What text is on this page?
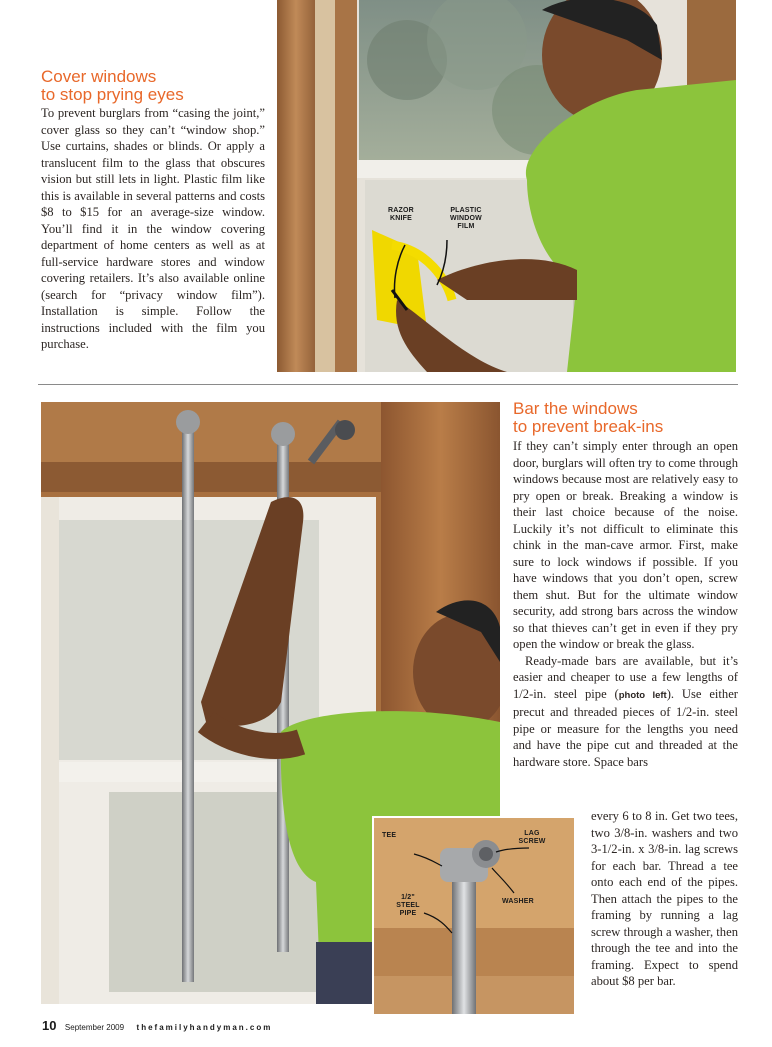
Cover windows
to stop prying eyes
To prevent burglars from “casing the joint,” cover glass so they can’t “window shop.” Use curtains, shades or blinds. Or apply a translucent film to the glass that obscures vision but still lets in light. Plastic film like this is available in several patterns and costs $8 to $15 for an average-size window. You’ll find it in the window covering department of home centers as well as at full-service hardware stores and window covering retailers. It’s also available online (search for “privacy window film”). Installation is simple. Follow the instructions included with the film you purchase.
RAZOR
KNIFE
PLASTIC
WINDOW
FILM
TEE	LAG
SCREW
WASHER
1/2"
STEEL
PIPE
Bar the windows
to prevent break-ins

If they can’t simply enter through an open door, burglars will often try to come through windows because most are relatively easy to pry open or break. Breaking a window is their last choice because of the noise. Luckily it’s not difficult to eliminate this chink in the man-cave armor. First, make sure to lock windows if possible. If you have windows that you don’t open, screw them shut. But for the ultimate window security, add strong bars across the window so that thieves can’t get in even if they pry open the window or break the glass.

Ready-made bars are available, but it’s easier and cheaper to use a few lengths of 1/2-in. steel pipe (photo left). Use either precut and threaded pieces of 1/2-in. steel pipe or measure for the lengths you need and have the pipe cut and threaded at the hardware store. Space bars

every 6 to 8 in. Get two tees, two 3/8-in. washers and two 3-1/2-in. x 3/8-in. lag screws for each bar. Thread a tee onto each end of the pipes. Then attach the pipes to the framing by running a lag screw through a washer, then through the tee and into the framing. Expect to spend about $8 per bar.
10 September 2009 thefamilyhandyman.com
